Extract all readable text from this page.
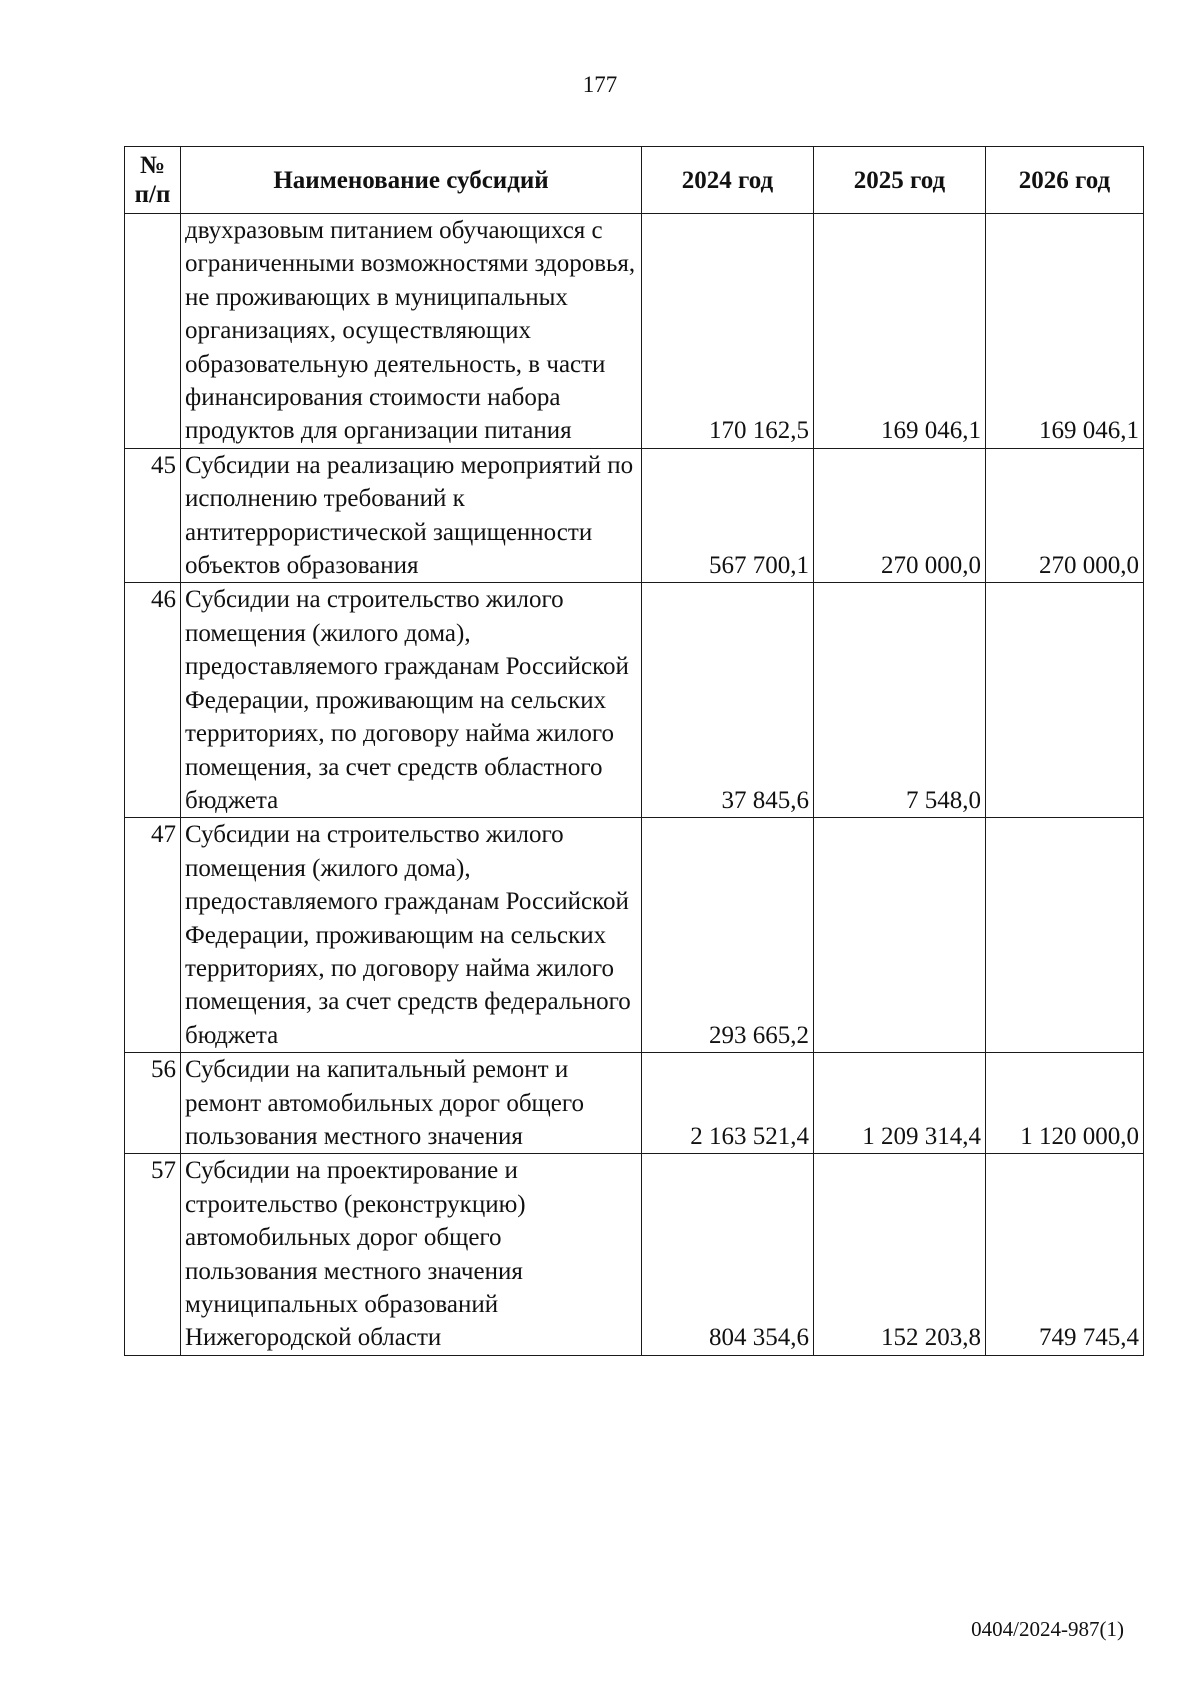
177
№
п/п	Наименование субсидий	2024 год	2025 год	2026 год
	двухразовым питанием обучающихся с ограниченными возможностями здоровья, не проживающих в муниципальных организациях, осуществляющих образовательную деятельность, в части финансирования стоимости набора продуктов для организации питания	170 162,5	169 046,1	169 046,1
45	Субсидии на реализацию мероприятий по исполнению требований к антитеррористической защищенности объектов образования	567 700,1	270 000,0	270 000,0
46	Субсидии на строительство жилого помещения (жилого дома), предоставляемого гражданам Российской Федерации, проживающим на сельских территориях, по договору найма жилого помещения, за счет средств областного бюджета	37 845,6	7 548,0	
47	Субсидии на строительство жилого помещения (жилого дома), предоставляемого гражданам Российской Федерации, проживающим на сельских территориях, по договору найма жилого помещения, за счет средств федерального бюджета	293 665,2		
56	Субсидии на капитальный ремонт и ремонт автомобильных дорог общего пользования местного значения	2 163 521,4	1 209 314,4	1 120 000,0
57	Субсидии на проектирование и строительство (реконструкцию) автомобильных дорог общего пользования местного значения муниципальных образований Нижегородской области	804 354,6	152 203,8	749 745,4
0404/2024-987(1)
